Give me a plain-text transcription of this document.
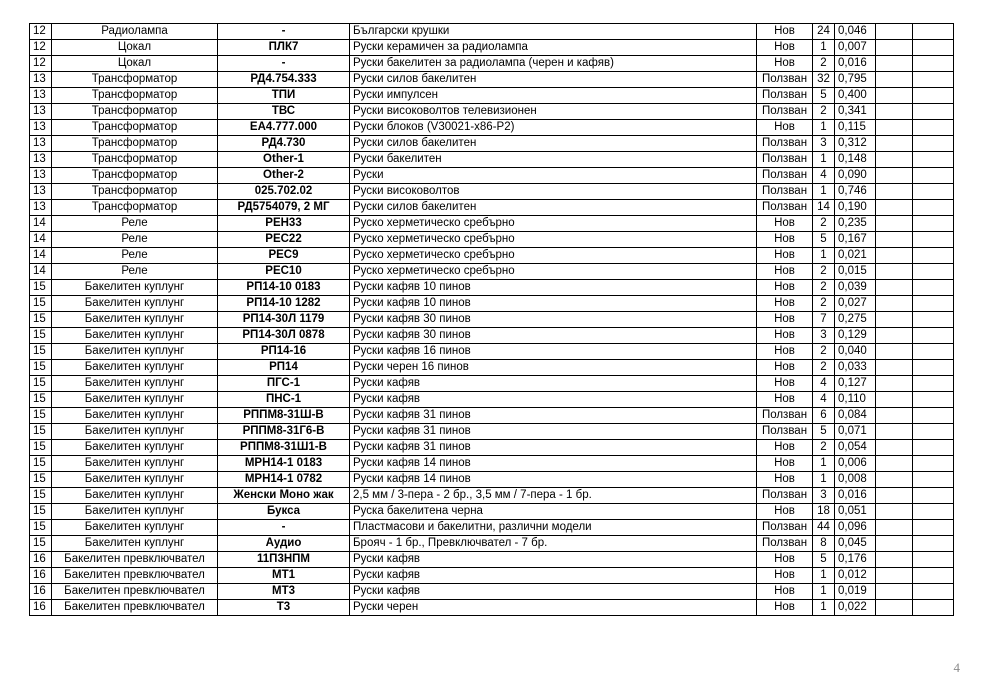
12	Радиолампа	-	Български крушки	Нов	24	0,046		
12	Цокал	ПЛК7	Руски керамичен за радиолампа	Нов	1	0,007		
12	Цокал	-	Руски бакелитен за радиолампа (черен и кафяв)	Нов	2	0,016		
13	Трансформатор	РД4.754.333	Руски силов бакелитен	Ползван	32	0,795		
13	Трансформатор	ТПИ	Руски импулсен	Ползван	5	0,400		
13	Трансформатор	ТВС	Руски високоволтов телевизионен	Ползван	2	0,341		
13	Трансформатор	ЕА4.777.000	Руски блоков (V30021-x86-P2)	Нов	1	0,115		
13	Трансформатор	РД4.730	Руски силов бакелитен	Ползван	3	0,312		
13	Трансформатор	Other-1	Руски бакелитен	Ползван	1	0,148		
13	Трансформатор	Other-2	Руски	Ползван	4	0,090		
13	Трансформатор	025.702.02	Руски високоволтов	Ползван	1	0,746		
13	Трансформатор	РД5754079, 2 МГ	Руски силов бакелитен	Ползван	14	0,190		
14	Реле	РЕН33	Руско херметическо сребърно	Нов	2	0,235		
14	Реле	РЕС22	Руско херметическо сребърно	Нов	5	0,167		
14	Реле	РЕС9	Руско херметическо сребърно	Нов	1	0,021		
14	Реле	РЕС10	Руско херметическо сребърно	Нов	2	0,015		
15	Бакелитен куплунг	РП14-10 0183	Руски кафяв 10 пинов	Нов	2	0,039		
15	Бакелитен куплунг	РП14-10 1282	Руски кафяв 10 пинов	Нов	2	0,027		
15	Бакелитен куплунг	РП14-30Л 1179	Руски кафяв 30 пинов	Нов	7	0,275		
15	Бакелитен куплунг	РП14-30Л 0878	Руски кафяв 30 пинов	Нов	3	0,129		
15	Бакелитен куплунг	РП14-16	Руски кафяв 16 пинов	Нов	2	0,040		
15	Бакелитен куплунг	РП14	Руски черен 16 пинов	Нов	2	0,033		
15	Бакелитен куплунг	ПГС-1	Руски кафяв	Нов	4	0,127		
15	Бакелитен куплунг	ПНС-1	Руски кафяв	Нов	4	0,110		
15	Бакелитен куплунг	РППМ8-31Ш-В	Руски кафяв 31 пинов	Ползван	6	0,084		
15	Бакелитен куплунг	РППМ8-31Г6-В	Руски кафяв 31 пинов	Ползван	5	0,071		
15	Бакелитен куплунг	РППМ8-31Ш1-В	Руски кафяв 31 пинов	Нов	2	0,054		
15	Бакелитен куплунг	МРН14-1 0183	Руски кафяв 14 пинов	Нов	1	0,006		
15	Бакелитен куплунг	МРН14-1 0782	Руски кафяв 14 пинов	Нов	1	0,008		
15	Бакелитен куплунг	Женски Моно жак	2,5 мм / 3-пера - 2 бр., 3,5 мм / 7-пера - 1 бр.	Ползван	3	0,016		
15	Бакелитен куплунг	Букса	Руска бакелитена черна	Нов	18	0,051		
15	Бакелитен куплунг	-	Пластмасови и бакелитни, различни модели	Ползван	44	0,096		
15	Бакелитен куплунг	Аудио	Брояч - 1 бр., Превключвател - 7 бр.	Ползван	8	0,045		
16	Бакелитен превключвател	11П3НПМ	Руски кафяв	Нов	5	0,176		
16	Бакелитен превключвател	МТ1	Руски кафяв	Нов	1	0,012		
16	Бакелитен превключвател	МТ3	Руски кафяв	Нов	1	0,019		
16	Бакелитен превключвател	Т3	Руски черен	Нов	1	0,022		
4
